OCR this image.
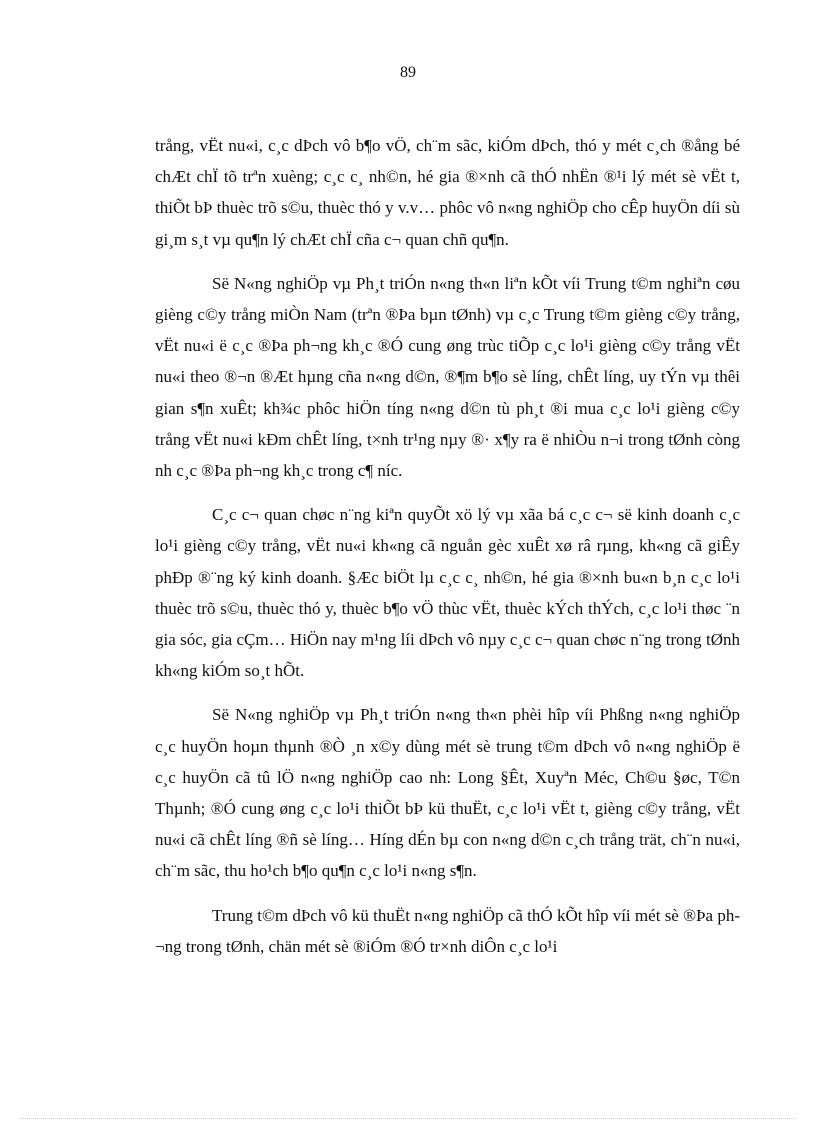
89

trång, vËt nu«i, c¸c dÞch vô b¶o vÖ, ch¨m sãc, kiÓm dÞch, thó y mét c¸ch ®ång bé chÆt chÏ tõ trªn xuèng; c¸c c¸ nh©n, hé gia ®×nh cã thÓ nhËn ®¹i lý mét sè vËt t, thiÕt bÞ thuèc trõ s©u, thuèc thó y v.v… phôc vô n«ng nghiÖp cho cÊp huyÖn díi sù gi¸m s¸t vµ qu¶n lý chÆt chÏ cña c¬ quan chñ qu¶n.

Së N«ng nghiÖp vµ Ph¸t triÓn n«ng th«n liªn kÕt víi Trung t©m nghiªn cøu gièng c©y trång miÒn Nam (trªn ®Þa bµn tØnh) vµ c¸c Trung t©m gièng c©y trång, vËt nu«i ë c¸c ®Þa ph¬ng kh¸c ®Ó cung øng trùc tiÕp c¸c lo¹i gièng c©y trång vËt nu«i theo ®¬n ®Æt hµng cña n«ng d©n, ®¶m b¶o sè líng, chÊt líng, uy tÝn vµ thêi gian s¶n xuÊt; kh¾c phôc hiÖn tíng n«ng d©n tù ph¸t ®i mua c¸c lo¹i gièng c©y trång vËt nu«i kÐm chÊt líng, t×nh tr¹ng nµy ®· x¶y ra ë nhiÒu n¬i trong tØnh còng nh c¸c ®Þa ph¬ng kh¸c trong c¶ níc.

C¸c c¬ quan chøc n¨ng kiªn quyÕt xö lý vµ xãa bá c¸c c¬ së kinh doanh c¸c lo¹i gièng c©y trång, vËt nu«i kh«ng cã nguån gèc xuÊt xø râ rµng, kh«ng cã giÊy phÐp ®¨ng ký kinh doanh. §Æc biÖt lµ c¸c c¸ nh©n, hé gia ®×nh bu«n b¸n c¸c lo¹i thuèc trõ s©u, thuèc thó y, thuèc b¶o vÖ thùc vËt, thuèc kÝch thÝch, c¸c lo¹i thøc ¨n gia sóc, gia cÇm… HiÖn nay m¹ng líi dÞch vô nµy c¸c c¬ quan chøc n¨ng trong tØnh kh«ng kiÓm so¸t hÕt.

Së N«ng nghiÖp vµ Ph¸t triÓn n«ng th«n phèi hîp víi Phßng n«ng nghiÖp c¸c huyÖn hoµn thµnh ®Ò ¸n x©y dùng mét sè trung t©m dÞch vô n«ng nghiÖp ë c¸c huyÖn cã tû lÖ n«ng nghiÖp cao nh: Long §Êt, Xuyªn Méc, Ch©u §øc, T©n Thµnh; ®Ó cung øng c¸c lo¹i thiÕt bÞ kü thuËt, c¸c lo¹i vËt t, gièng c©y trång, vËt nu«i cã chÊt líng ®ñ sè líng… Híng dÉn bµ con n«ng d©n c¸ch trång trät, ch¨n nu«i, ch¨m sãc, thu ho¹ch b¶o qu¶n c¸c lo¹i n«ng s¶n.

Trung t©m dÞch vô kü thuËt n«ng nghiÖp cã thÓ kÕt hîp víi mét sè ®Þa ph¬ng trong tØnh, chän mét sè ®iÓm ®Ó tr×nh diÔn c¸c lo¹i
